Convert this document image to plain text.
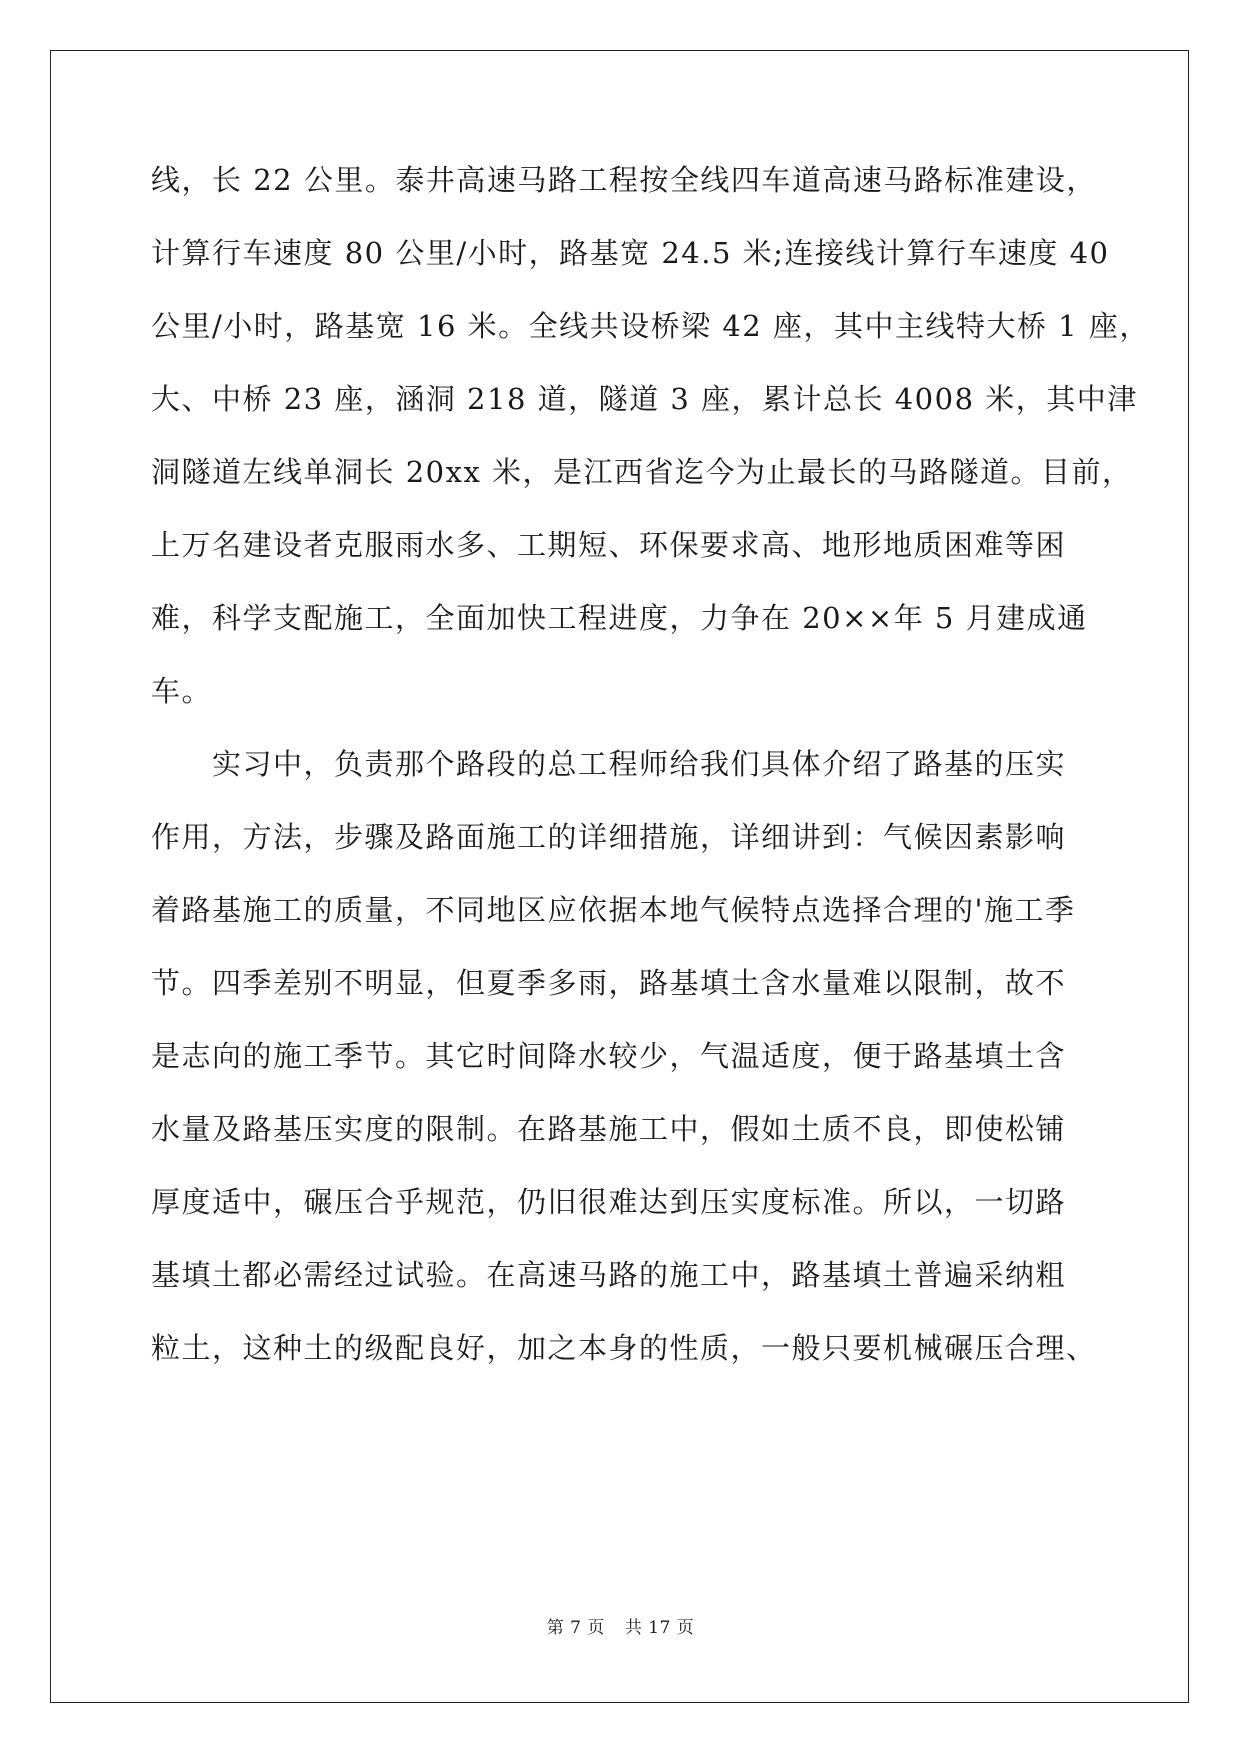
线，长 22 公里。泰井高速马路工程按全线四车道高速马路标准建设，
计算行车速度 80 公里/小时，路基宽 24.5 米;连接线计算行车速度 40
公里/小时，路基宽 16 米。全线共设桥梁 42 座，其中主线特大桥 1 座，
大、中桥 23 座，涵洞 218 道，隧道 3 座，累计总长 4008 米，其中津
洞隧道左线单洞长 20xx 米，是江西省迄今为止最长的马路隧道。目前，
上万名建设者克服雨水多、工期短、环保要求高、地形地质困难等困
难，科学支配施工，全面加快工程进度，力争在 20××年 5 月建成通
车。
　　实习中，负责那个路段的总工程师给我们具体介绍了路基的压实
作用，方法，步骤及路面施工的详细措施，详细讲到：气候因素影响
着路基施工的质量，不同地区应依据本地气候特点选择合理的'施工季
节。四季差别不明显，但夏季多雨，路基填土含水量难以限制，故不
是志向的施工季节。其它时间降水较少，气温适度，便于路基填土含
水量及路基压实度的限制。在路基施工中，假如土质不良，即使松铺
厚度适中，碾压合乎规范，仍旧很难达到压实度标准。所以，一切路
基填土都必需经过试验。在高速马路的施工中，路基填土普遍采纳粗
粒土，这种土的级配良好，加之本身的性质，一般只要机械碾压合理、
第 7 页 共 17 页
